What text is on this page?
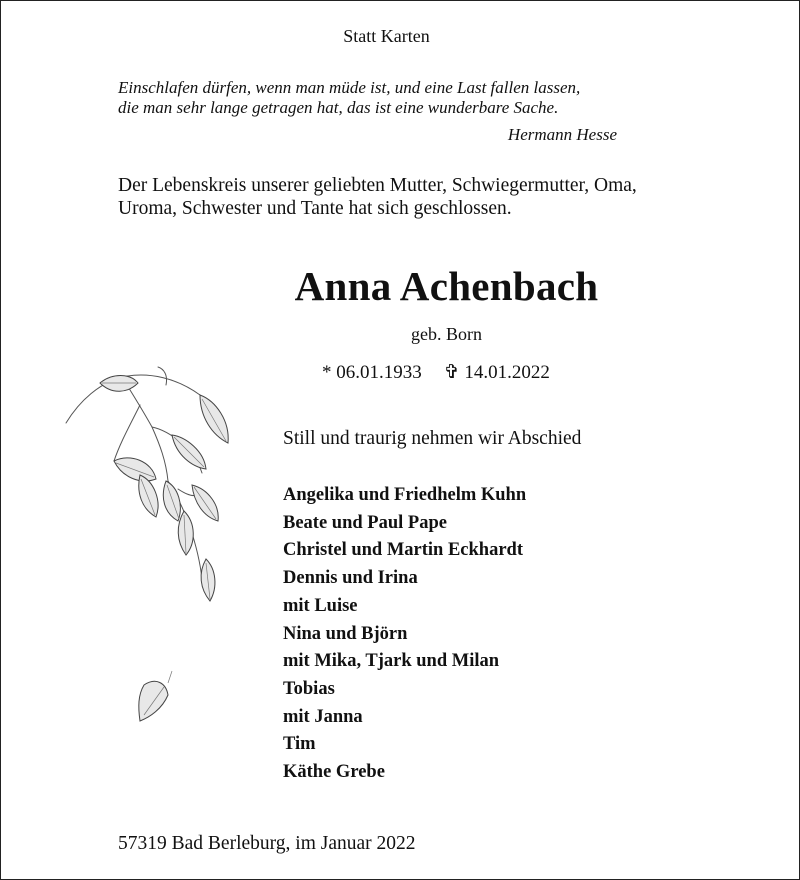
Statt Karten
Einschlafen dürfen, wenn man müde ist, und eine Last fallen lassen,
die man sehr lange getragen hat, das ist eine wunderbare Sache.
Hermann Hesse
Der Lebenskreis unserer geliebten Mutter, Schwiegermutter, Oma,
Uroma, Schwester und Tante hat sich geschlossen.
Anna Achenbach
geb. Born
* 06.01.1933 ✞ 14.01.2022
Still und traurig nehmen wir Abschied
Angelika und Friedhelm Kuhn
Beate und Paul Pape
Christel und Martin Eckhardt
Dennis und Irina
mit Luise
Nina und Björn
mit Mika, Tjark und Milan
Tobias
mit Janna
Tim
Käthe Grebe
57319 Bad Berleburg, im Januar 2022
